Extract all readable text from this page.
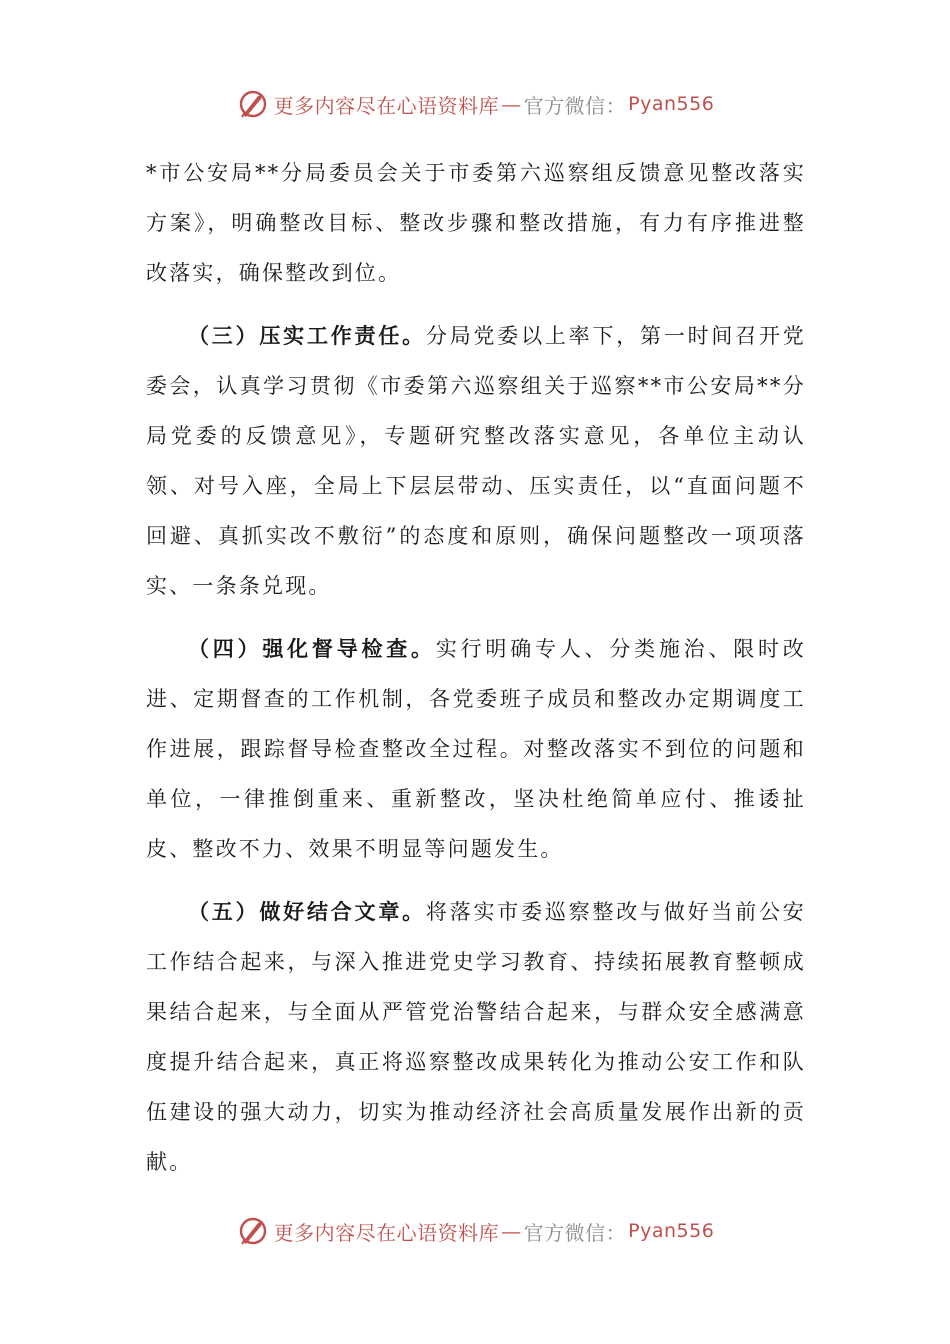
更多内容尽在心语资料库 — 官方微信： Pyan556

*市公安局**分局委员会关于市委第六巡察组反馈意见整改落实方案》，明确整改目标、整改步骤和整改措施，有力有序推进整改落实，确保整改到位。

（三）压实工作责任。分局党委以上率下，第一时间召开党委会，认真学习贯彻《市委第六巡察组关于巡察**市公安局**分局党委的反馈意见》，专题研究整改落实意见，各单位主动认领、对号入座，全局上下层层带动、压实责任，以“直面问题不回避、真抓实改不敷衍”的态度和原则，确保问题整改一项项落实、一条条兑现。

（四）强化督导检查。实行明确专人、分类施治、限时改进、定期督查的工作机制，各党委班子成员和整改办定期调度工作进展，跟踪督导检查整改全过程。对整改落实不到位的问题和单位，一律推倒重来、重新整改，坚决杜绝简单应付、推诿扯皮、整改不力、效果不明显等问题发生。

（五）做好结合文章。将落实市委巡察整改与做好当前公安工作结合起来，与深入推进党史学习教育、持续拓展教育整顿成果结合起来，与全面从严管党治警结合起来，与群众安全感满意度提升结合起来，真正将巡察整改成果转化为推动公安工作和队伍建设的强大动力，切实为推动经济社会高质量发展作出新的贡献。

更多内容尽在心语资料库 — 官方微信： Pyan556
